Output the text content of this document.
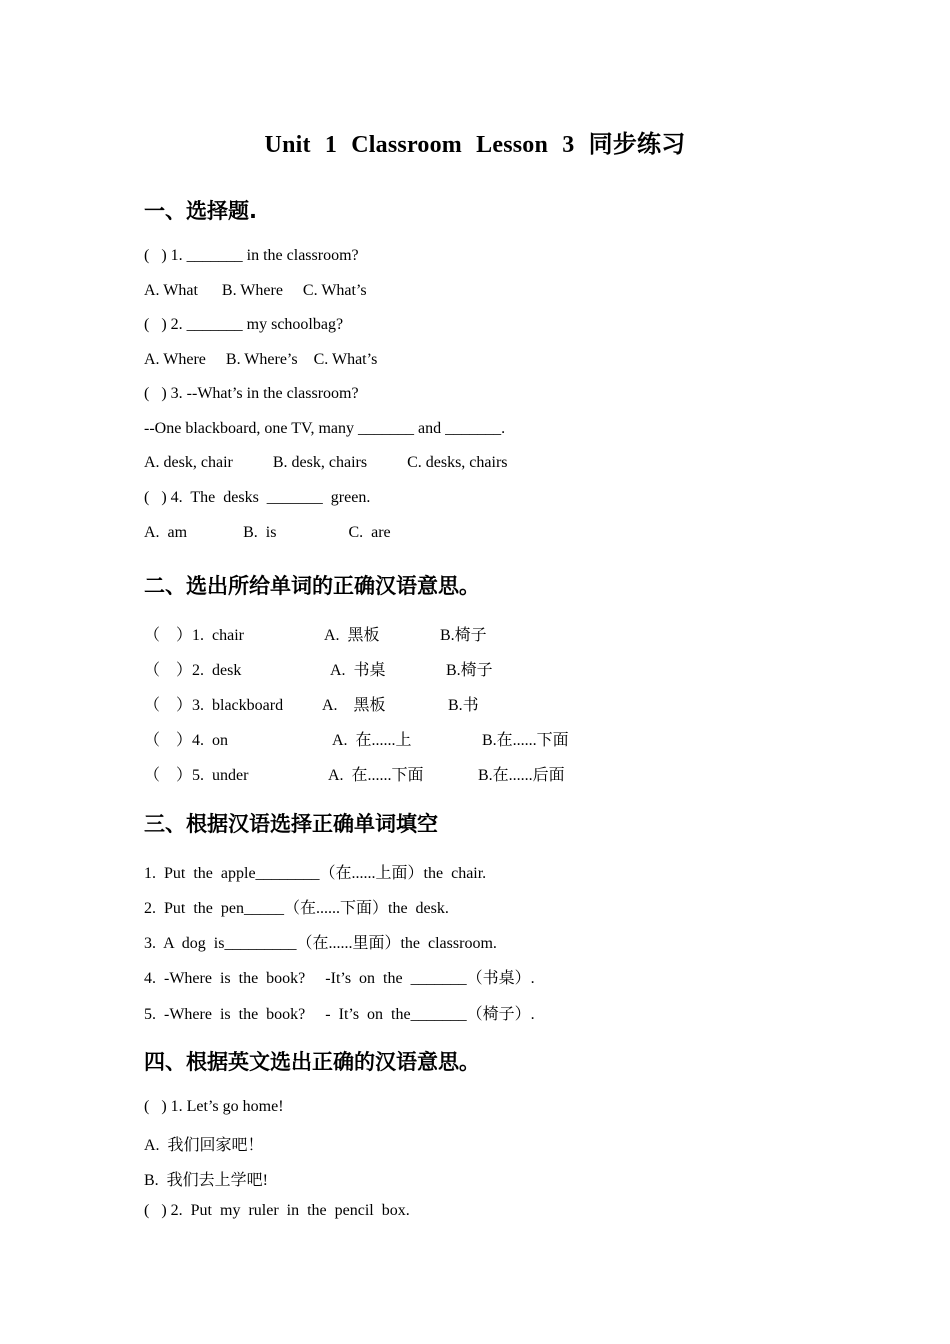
Unit 1 Classroom Lesson 3 同步练习
一、选择题.
(   ) 1. _______ in the classroom?
A. What      B. Where     C. What’s
(   ) 2. _______ my schoolbag?
A. Where     B. Where’s    C. What’s
(   ) 3. --What’s in the classroom?
--One blackboard, one TV, many _______ and _______.
A. desk, chair          B. desk, chairs          C. desks, chairs
(   ) 4.  The  desks  _______  green.
A.  am              B.  is                  C.  are
二、选出所给单词的正确汉语意思。
（    ）1.  chair	A.  黑板	B.椅子
（    ）2.  desk	A.  书桌	B.椅子
（    ）3.  blackboard A.    黑板	B.书
（    ）4.  on	A.  在......上	B.在......下面
（    ）5.  under	A.  在......下面	B.在......后面
三、根据汉语选择正确单词填空
1.  Put  the  apple________（在......上面）the  chair.
2.  Put  the  pen_____（在......下面）the  desk.
3.  A  dog  is_________（在......里面）the  classroom.
4.  -Where  is  the  book?     -It’s  on  the  _______（书桌）.
5.  -Where  is  the  book?     -  It’s  on  the_______（椅子）.
四、根据英文选出正确的汉语意思。
(   ) 1. Let’s go home!
A.  我们回家吧！
B.  我们去上学吧!
(   ) 2.  Put  my  ruler  in  the  pencil  box.
